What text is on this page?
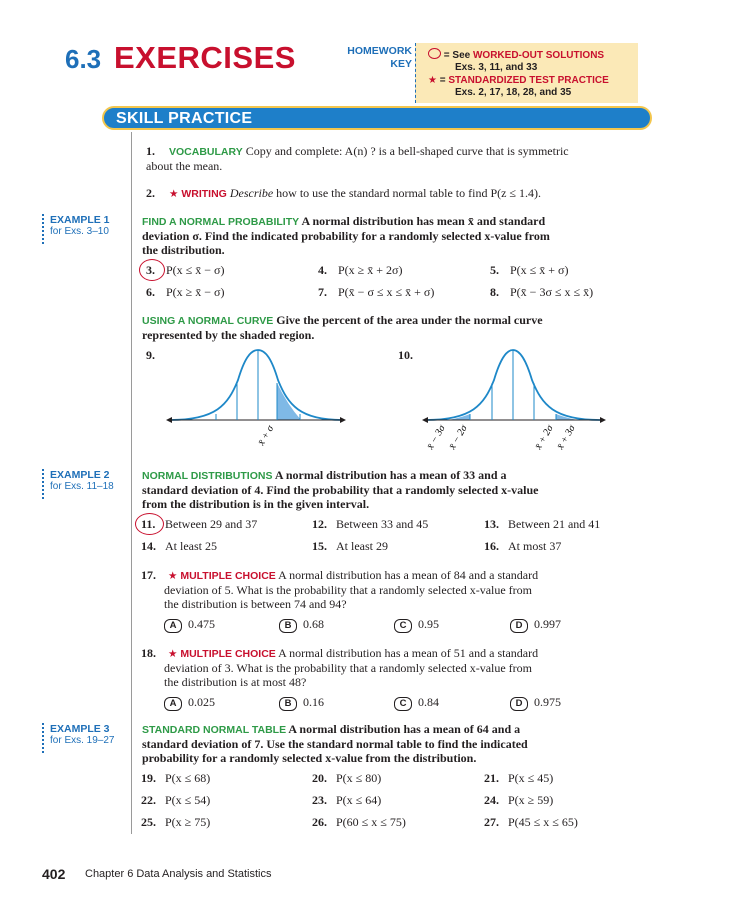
6.3 EXERCISES	HOMEWORK
KEY
= See WORKED-OUT SOLUTIONS
Exs. 3, 11, and 33
★ = STANDARDIZED TEST PRACTICE
Exs. 2, 17, 18, 28, and 35
SKILL PRACTICE
1. VOCABULARY Copy and complete: A(n) ? is a bell-shaped curve that is symmetric about the mean.
2. ★ WRITING Describe how to use the standard normal table to find P(z ≤ 1.4).
EXAMPLE 1
for Exs. 3–10
FIND A NORMAL PROBABILITY A normal distribution has mean x̄ and standard
deviation σ. Find the indicated probability for a randomly selected x-value from
the distribution.
3. P(x ≤ x̄ − σ)	4. P(x ≥ x̄ + 2σ)	5. P(x ≤ x̄ + σ)
6. P(x ≥ x̄ − σ)	7. P(x̄ − σ ≤ x ≤ x̄ + σ)	8. P(x̄ − 3σ ≤ x ≤ x̄)
USING A NORMAL CURVE Give the percent of the area under the normal curve
represented by the shaded region.
9.	10.
x̄ + σ	x̄ − 3σ x̄ − 2σ	x̄ + 2σ x̄ + 3σ
EXAMPLE 2
for Exs. 11–18
NORMAL DISTRIBUTIONS A normal distribution has a mean of 33 and a
standard deviation of 4. Find the probability that a randomly selected x-value
from the distribution is in the given interval.
11. Between 29 and 37	12. Between 33 and 45	13. Between 21 and 41
14. At least 25	15. At least 29	16. At most 37
17. ★ MULTIPLE CHOICE A normal distribution has a mean of 84 and a standard
deviation of 5. What is the probability that a randomly selected x-value from
the distribution is between 74 and 94?
A 0.475	B 0.68	C 0.95	D 0.997
18. ★ MULTIPLE CHOICE A normal distribution has a mean of 51 and a standard
deviation of 3. What is the probability that a randomly selected x-value from
the distribution is at most 48?
A 0.025	B 0.16	C 0.84	D 0.975
EXAMPLE 3
for Exs. 19–27
STANDARD NORMAL TABLE A normal distribution has a mean of 64 and a
standard deviation of 7. Use the standard normal table to find the indicated
probability for a randomly selected x-value from the distribution.
19. P(x ≤ 68)	20. P(x ≤ 80)	21. P(x ≤ 45)
22. P(x ≤ 54)	23. P(x ≤ 64)	24. P(x ≥ 59)
25. P(x ≥ 75)	26. P(60 ≤ x ≤ 75)	27. P(45 ≤ x ≤ 65)
402 Chapter 6 Data Analysis and Statistics
